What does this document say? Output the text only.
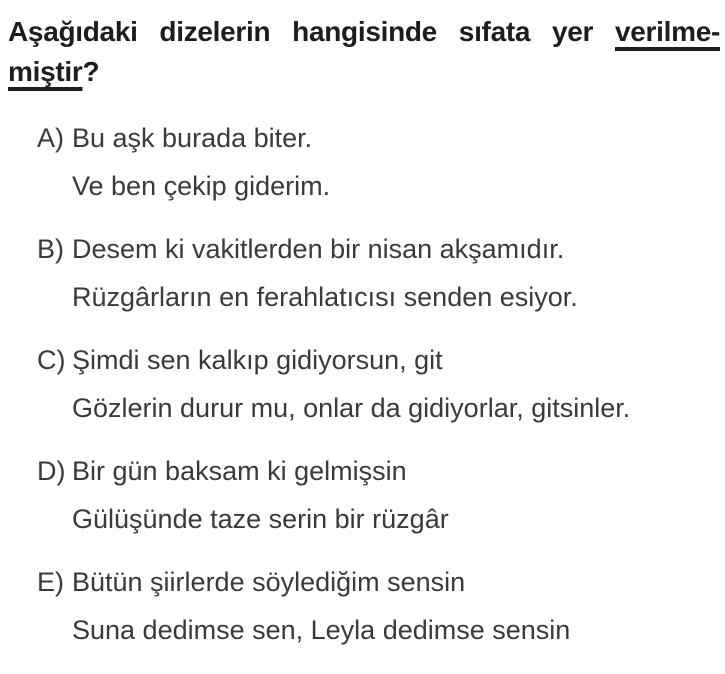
Aşağıdaki dizelerin hangisinde sıfata yer verilme-
miştir?
A) Bu aşk burada biter.
Ve ben çekip giderim.
B) Desem ki vakitlerden bir nisan akşamıdır.
Rüzgârların en ferahlatıcısı senden esiyor.
C) Şimdi sen kalkıp gidiyorsun, git
Gözlerin durur mu, onlar da gidiyorlar, gitsinler.
D) Bir gün baksam ki gelmişsin
Gülüşünde taze serin bir rüzgâr
E) Bütün şiirlerde söylediğim sensin
Suna dedimse sen, Leyla dedimse sensin
